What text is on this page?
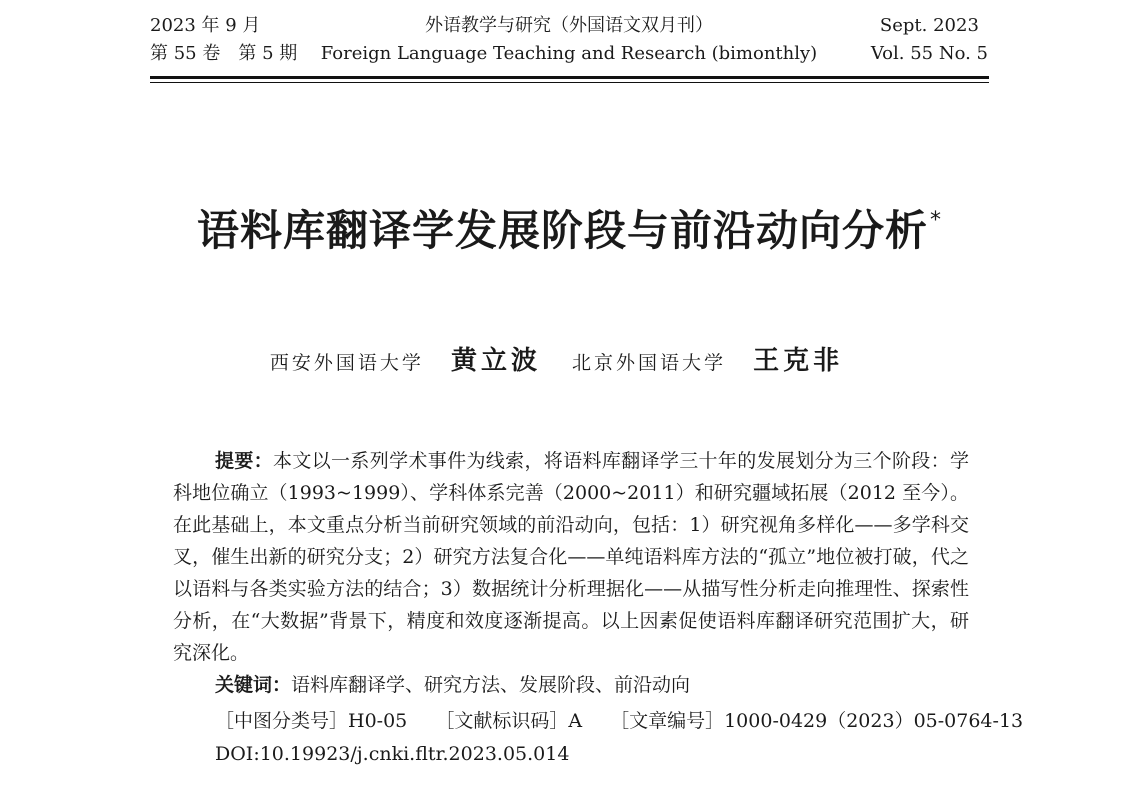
2023 年 9 月
第 55 卷　第 5 期
外语教学与研究（外国语文双月刊）
Foreign Language Teaching and Research (bimonthly)
Sept. 2023
Vol. 55 No. 5
语料库翻译学发展阶段与前沿动向分析*
西安外国语大学 黄立波 北京外国语大学 王克非
提要：本文以一系列学术事件为线索，将语料库翻译学三十年的发展划分为三个阶段：学科地位确立（1993~1999）、学科体系完善（2000~2011）和研究疆域拓展（2012 至今）。在此基础上，本文重点分析当前研究领域的前沿动向，包括：1）研究视角多样化——多学科交叉，催生出新的研究分支；2）研究方法复合化——单纯语料库方法的“孤立”地位被打破，代之以语料与各类实验方法的结合；3）数据统计分析理据化——从描写性分析走向推理性、探索性分析，在“大数据”背景下，精度和效度逐渐提高。以上因素促使语料库翻译研究范围扩大，研究深化。
关键词：语料库翻译学、研究方法、发展阶段、前沿动向
［中图分类号］H0-05 ［文献标识码］A ［文章编号］1000-0429（2023）05-0764-13
DOI:10.19923/j.cnki.fltr.2023.05.014
